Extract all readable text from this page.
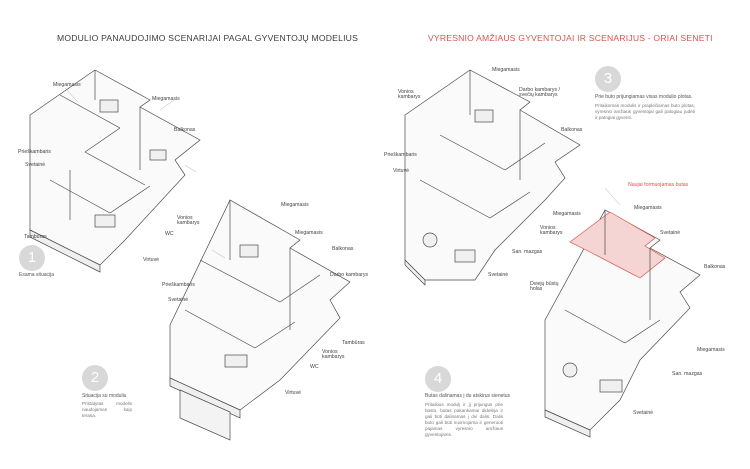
MODULIO PANAUDOJIMO SCENARIJAI PAGAL GYVENTOJŲ MODELIUS	VYRESNIO AMŽIAUS GYVENTOJAI IR SCENARIJUS - ORIAI SENETI
Miegamasis
Miegamasis
Balkonas
Prieškambaris
Svetainė
Vonios
kambarys
WC
Tambūras
Virtuvė
Miegamasis
Miegamasis
Balkonas
Darbo kambarys
Prieškambaris
Svetainė
Tambūras
Vonios
kambarys
WC
Virtuvė
Miegamasis
Vonios
kambarys
Darbo kambarys /
svečių kambarys
Balkonas
Prieškambaris
Virtuvė
Miegamasis
Vonios
kambarys
San. mazgas
Svetainė
Naujai formuojamas butas
Miegamasis
Svetainė
Dviejų būstų
holas
Balkonas
Miegamasis
San. mazgas
Svetainė
1
Esama situacija
2
Situacija su moduliu
Pristatytas modelis naudojamas kaip terasa.
3
Prie buto prijungiamas visas modulio plotas.
Pritaikomas modulis ir praplečiamas buto plotas, vyresnio amžiaus gyventojai gali patogiau judėti ir patogiai gyventi.
4
Butas dalinamas į du atskirus sienetus
Pritaikius modulį ir jį prijungus prie būsto, butas pakankamai didelėja ir gali būti dalinamas į dvi dalis. Dalis buto gali būti nuomojama ir generuoti pajamas vyresnio amžiaus gyventojams.
